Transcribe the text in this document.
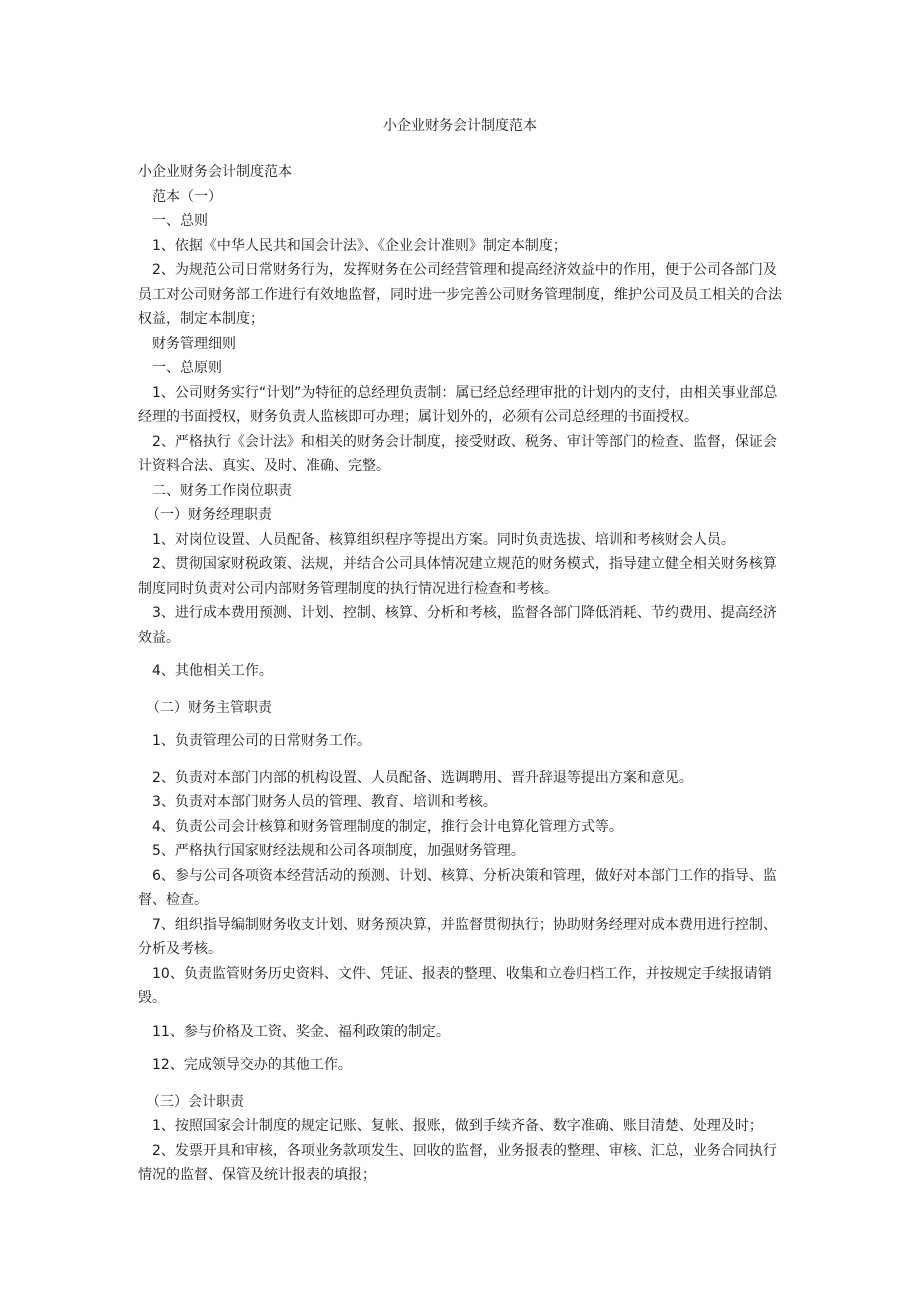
小企业财务会计制度范本

小企业财务会计制度范本

范本（一）

一、总则

1、依据《中华人民共和国会计法》、《企业会计准则》制定本制度；

2、为规范公司日常财务行为，发挥财务在公司经营管理和提高经济效益中的作用，便于公司各部门及员工对公司财务部工作进行有效地监督，同时进一步完善公司财务管理制度，维护公司及员工相关的合法权益，制定本制度；

财务管理细则

一、总原则

1、公司财务实行“计划”为特征的总经理负责制：属已经总经理审批的计划内的支付，由相关事业部总经理的书面授权，财务负责人监核即可办理；属计划外的，必须有公司总经理的书面授权。

2、严格执行《会计法》和相关的财务会计制度，接受财政、税务、审计等部门的检查、监督，保证会计资料合法、真实、及时、准确、完整。

二、财务工作岗位职责

（一）财务经理职责

1、对岗位设置、人员配备、核算组织程序等提出方案。同时负责选拔、培训和考核财会人员。

2、贯彻国家财税政策、法规，并结合公司具体情况建立规范的财务模式，指导建立健全相关财务核算制度同时负责对公司内部财务管理制度的执行情况进行检查和考核。

3、进行成本费用预测、计划、控制、核算、分析和考核，监督各部门降低消耗、节约费用、提高经济效益。

4、其他相关工作。

（二）财务主管职责

1、负责管理公司的日常财务工作。

2、负责对本部门内部的机构设置、人员配备、选调聘用、晋升辞退等提出方案和意见。

3、负责对本部门财务人员的管理、教育、培训和考核。

4、负责公司会计核算和财务管理制度的制定，推行会计电算化管理方式等。

5、严格执行国家财经法规和公司各项制度，加强财务管理。

6、参与公司各项资本经营活动的预测、计划、核算、分析决策和管理，做好对本部门工作的指导、监督、检查。

7、组织指导编制财务收支计划、财务预决算，并监督贯彻执行；协助财务经理对成本费用进行控制、分析及考核。

10、负责监管财务历史资料、文件、凭证、报表的整理、收集和立卷归档工作，并按规定手续报请销毁。

11、参与价格及工资、奖金、福利政策的制定。

12、完成领导交办的其他工作。

（三）会计职责

1、按照国家会计制度的规定记账、复帐、报账，做到手续齐备、数字准确、账目清楚、处理及时；

2、发票开具和审核，各项业务款项发生、回收的监督，业务报表的整理、审核、汇总，业务合同执行情况的监督、保管及统计报表的填报；
